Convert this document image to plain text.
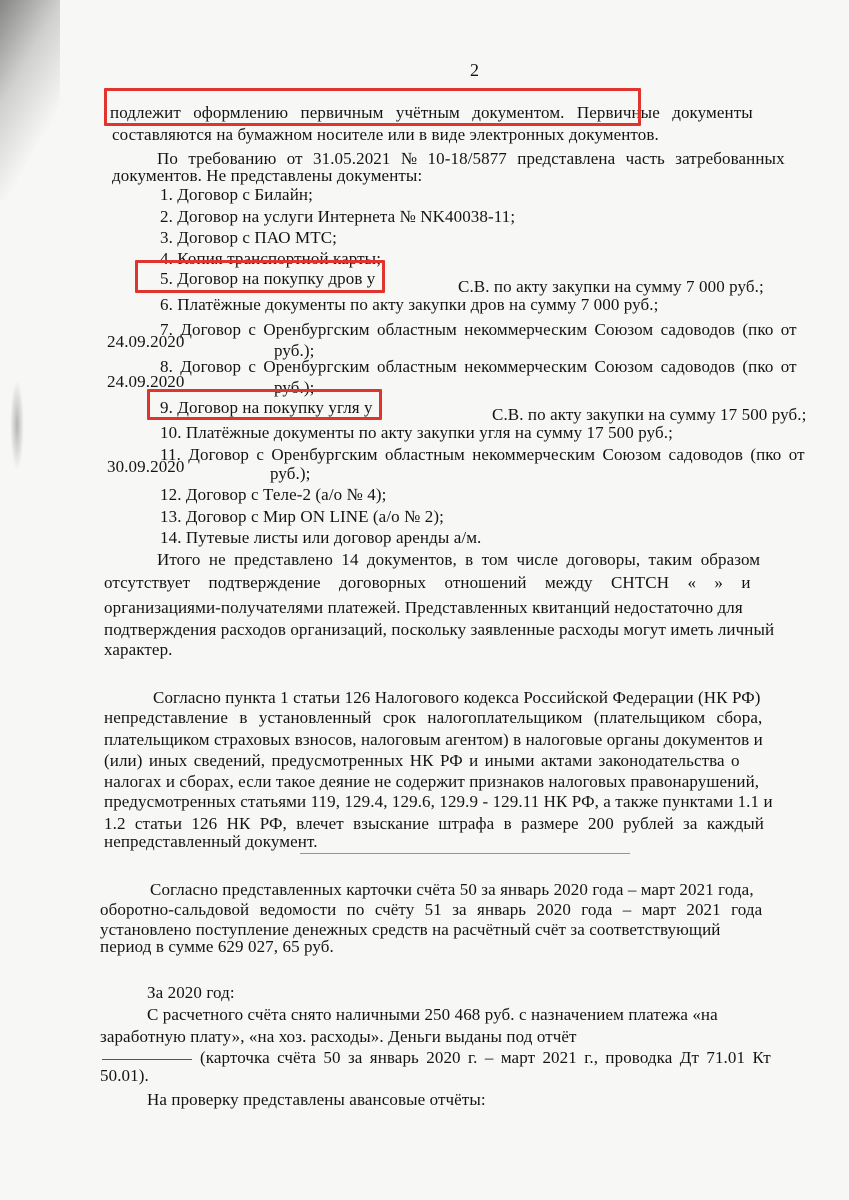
2
подлежит оформлению первичным учётным документом. Первичные документы
составляются на бумажном носителе или в виде электронных документов.
По требованию от 31.05.2021 № 10-18/5877 представлена часть затребованных
документов. Не представлены документы:
1. Договор с Билайн;
2. Договор на услуги Интернета № NK40038-11;
3. Договор с ПАО МТС;
4. Копия транспортной карты;
5. Договор на покупку дров у	С.В. по акту закупки на сумму 7 000 руб.;
6. Платёжные документы по акту закупки дров на сумму 7 000 руб.;
7. Договор с Оренбургским областным некоммерческим Союзом садоводов (пко от
24.09.2020	руб.);
8. Договор с Оренбургским областным некоммерческим Союзом садоводов (пко от
24.09.2020	руб.);
9. Договор на покупку угля у	С.В. по акту закупки на сумму 17 500 руб.;
10. Платёжные документы по акту закупки угля на сумму 17 500 руб.;
11. Договор с Оренбургским областным некоммерческим Союзом садоводов (пко от
30.09.2020	руб.);
12. Договор с Теле-2 (а/о № 4);
13. Договор с Мир ON LINE (а/о № 2);
14. Путевые листы или договор аренды а/м.
Итого не представлено 14 документов, в том числе договоры, таким образом
отсутствует подтверждение договорных отношений между СНТСН « » и
организациями-получателями платежей. Представленных квитанций недостаточно для
подтверждения расходов организаций, поскольку заявленные расходы могут иметь личный
характер.
Согласно пункта 1 статьи 126 Налогового кодекса Российской Федерации (НК РФ)
непредставление в установленный срок налогоплательщиком (плательщиком сбора,
плательщиком страховых взносов, налоговым агентом) в налоговые органы документов и
(или) иных сведений, предусмотренных НК РФ и иными актами законодательства о
налогах и сборах, если такое деяние не содержит признаков налоговых правонарушений,
предусмотренных статьями 119, 129.4, 129.6, 129.9 - 129.11 НК РФ, а также пунктами 1.1 и
1.2 статьи 126 НК РФ, влечет взыскание штрафа в размере 200 рублей за каждый
непредставленный документ.
Согласно представленных карточки счёта 50 за январь 2020 года – март 2021 года,
оборотно-сальдовой ведомости по счёту 51 за январь 2020 года – март 2021 года
установлено поступление денежных средств на расчётный счёт за соответствующий
период в сумме 629 027, 65 руб.
За 2020 год:
С расчетного счёта снято наличными 250 468 руб. с назначением платежа «на
заработную плату», «на хоз. расходы». Деньги выданы под отчёт
(карточка счёта 50 за январь 2020 г. – март 2021 г., проводка Дт 71.01 Кт
50.01).
На проверку представлены авансовые отчёты:
